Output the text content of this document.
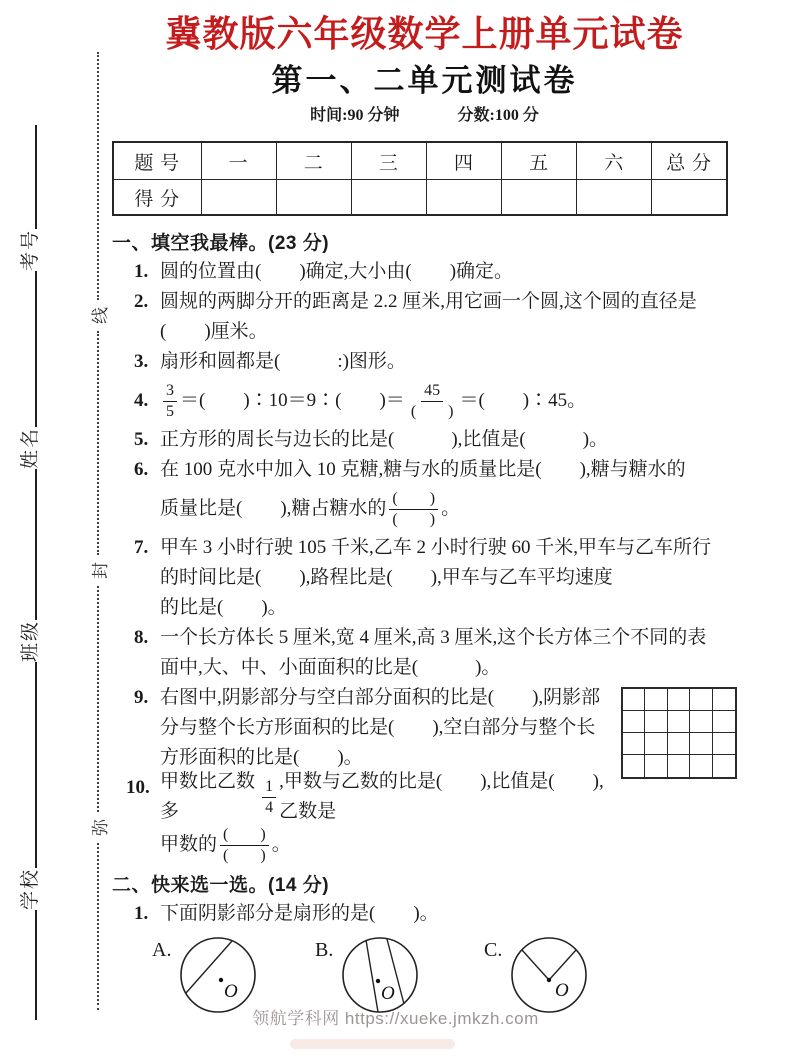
学校
班级
姓名
考号
弥
封
线
冀教版六年级数学上册单元试卷
第一、二单元测试卷
时间:90 分钟	分数:100 分
题 号	一	二	三	四	五	六	总 分
得 分							
一、填空我最棒。(23 分)
1. 圆的位置由(　　)确定,大小由(　　)确定。
2. 圆规的两脚分开的距离是 2.2 厘米,用它画一个圆,这个圆的直径是
(　　)厘米。
3. 扇形和圆都是(　　　:)图形。
4. $\frac{3}{5}$ ＝(　　)∶10＝9∶(　　)＝ $\frac{45}{( )}$ ＝(　　)∶45。
5. 正方形的周长与边长的比是(　　　),比值是(　　　)。
6. 在 100 克水中加入 10 克糖,糖与水的质量比是(　　),糖与糖水的
质量比是(　　),糖占糖水的 $\frac{( )}{( )}$ 。
7. 甲车 3 小时行驶 105 千米,乙车 2 小时行驶 60 千米,甲车与乙车所行
的时间比是(　　),路程比是(　　),甲车与乙车平均速度
的比是(　　)。
8. 一个长方体长 5 厘米,宽 4 厘米,高 3 厘米,这个长方体三个不同的表
面中,大、中、小面面积的比是(　　　)。
9. 右图中,阴影部分与空白部分面积的比是(　　),阴影部分与整个长方形面积的比是(　　),空白部分与整个长方形面积的比是(　　)。
10. 甲数比乙数多	$\frac{1}{4}$ ,甲数与乙数的比是(　　),比值是(　　),乙数是
甲数的 $\frac{( )}{( )}$ 。
二、快来选一选。(14 分)
1. 下面阴影部分是扇形的是(　　)。
A.
O
B.
O
C.
O
领航学科网 https://xueke.jmkzh.com
